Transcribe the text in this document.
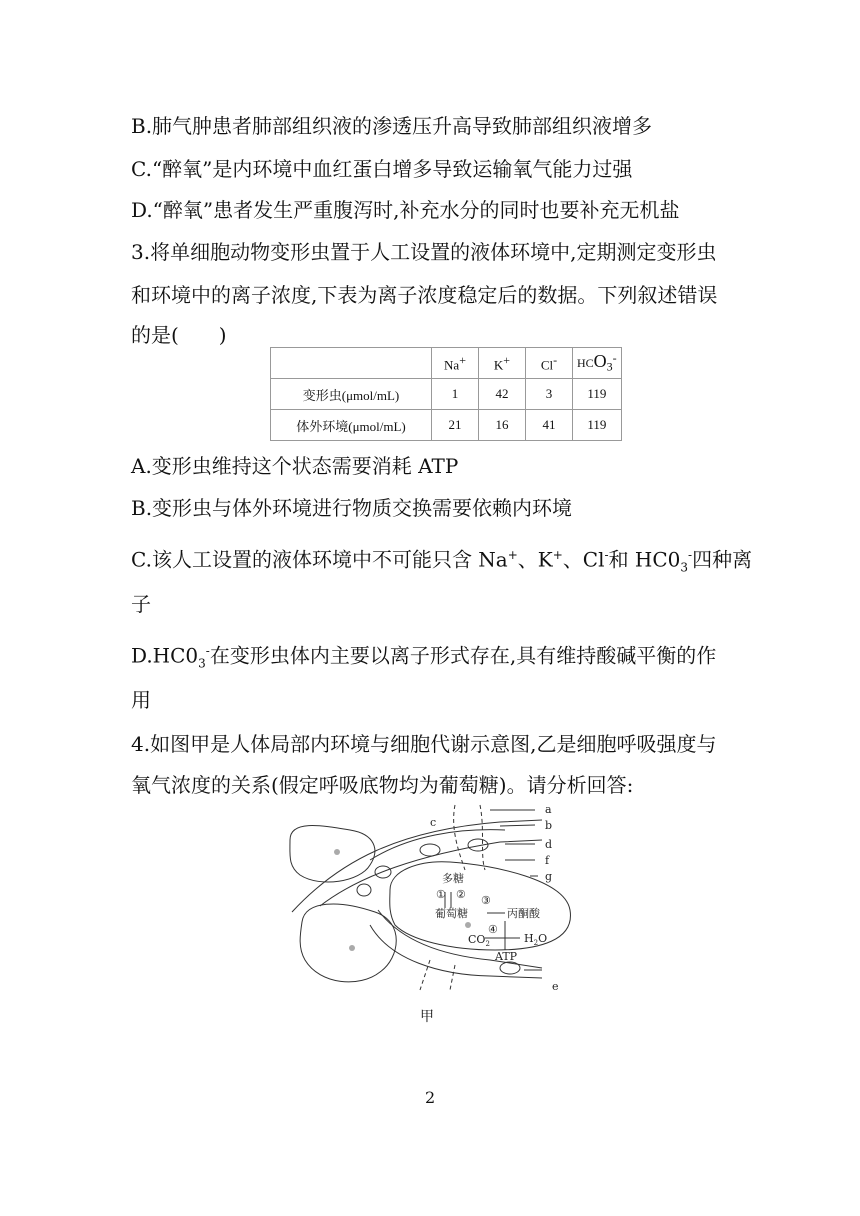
B.肺气肿患者肺部组织液的渗透压升高导致肺部组织液增多
C.“醉氧”是内环境中血红蛋白增多导致运输氧气能力过强
D.“醉氧”患者发生严重腹泻时,补充水分的同时也要补充无机盐
3.将单细胞动物变形虫置于人工设置的液体环境中,定期测定变形虫
和环境中的离子浓度,下表为离子浓度稳定后的数据。下列叙述错误
的是(　　)
	Na+	K+	Cl-	$HCO_3^-$
变形虫(μmol/mL)	1	42	3	119
体外环境(μmol/mL)	21	16	41	119
A.变形虫维持这个状态需要消耗 ATP
B.变形虫与体外环境进行物质交换需要依赖内环境
C.该人工设置的液体环境中不可能只含 Na+、K+、Cl-和 $HC0_3^-$四种离
子
$D.HC0_3^-$在变形虫体内主要以离子形式存在,具有维持酸碱平衡的作
用
4.如图甲是人体局部内环境与细胞代谢示意图,乙是细胞呼吸强度与
氧气浓度的关系(假定呼吸底物均为葡萄糖)。请分析回答:
a
b
c
d
e
f
g
多糖
① ② ③
葡萄糖	丙酮酸
④
$CO_2$	$H_2O$
ATP
甲
2
